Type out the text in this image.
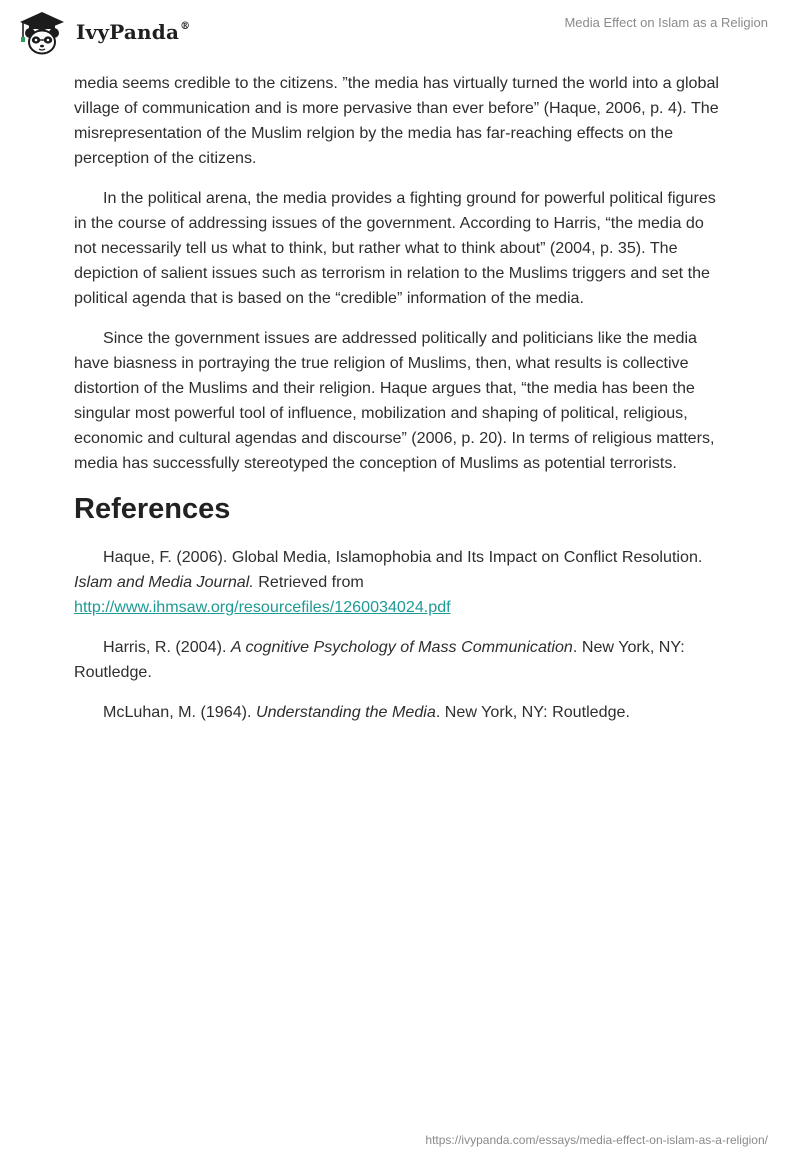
IvyPanda®	Media Effect on Islam as a Religion

media seems credible to the citizens. ”the media has virtually turned the world into a global village of communication and is more pervasive than ever before” (Haque, 2006, p. 4). The misrepresentation of the Muslim relgion by the media has far-reaching effects on the perception of the citizens.

In the political arena, the media provides a fighting ground for powerful political figures in the course of addressing issues of the government. According to Harris, “the media do not necessarily tell us what to think, but rather what to think about” (2004, p. 35). The depiction of salient issues such as terrorism in relation to the Muslims triggers and set the political agenda that is based on the “credible” information of the media.

Since the government issues are addressed politically and politicians like the media have biasness in portraying the true religion of Muslims, then, what results is collective distortion of the Muslims and their religion. Haque argues that, “the media has been the singular most powerful tool of influence, mobilization and shaping of political, religious, economic and cultural agendas and discourse” (2006, p. 20). In terms of religious matters, media has successfully stereotyped the conception of Muslims as potential terrorists.

References

Haque, F. (2006). Global Media, Islamophobia and Its Impact on Conflict Resolution. Islam and Media Journal. Retrieved from
http://www.ihmsaw.org/resourcefiles/1260034024.pdf

Harris, R. (2004). A cognitive Psychology of Mass Communication. New York, NY: Routledge.

McLuhan, M. (1964). Understanding the Media. New York, NY: Routledge.

https://ivypanda.com/essays/media-effect-on-islam-as-a-religion/
